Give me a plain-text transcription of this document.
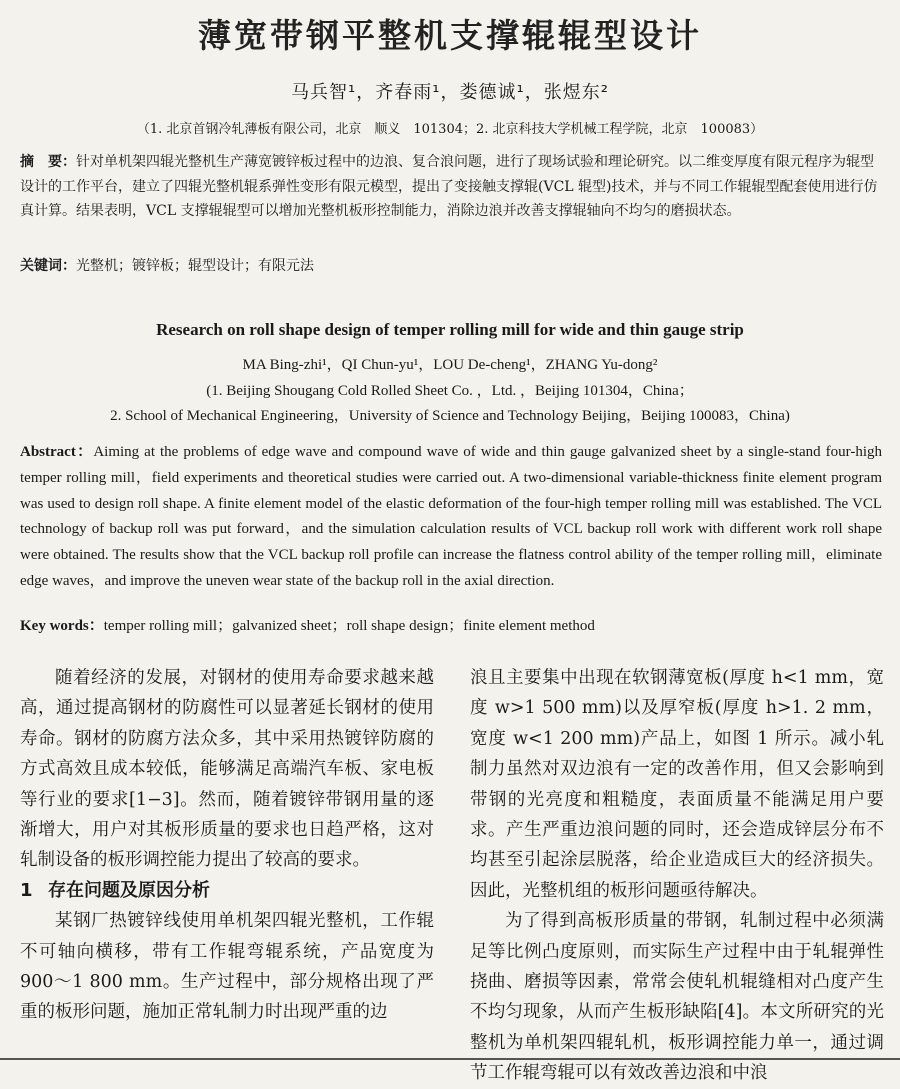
薄宽带钢平整机支撑辊辊型设计
马兵智¹，齐春雨¹，娄德诚¹，张煜东²
（1. 北京首钢冷轧薄板有限公司，北京　顺义　101304；2. 北京科技大学机械工程学院，北京　100083）
摘　要：针对单机架四辊光整机生产薄宽镀锌板过程中的边浪、复合浪问题，进行了现场试验和理论研究。以二维变厚度有限元程序为辊型设计的工作平台，建立了四辊光整机辊系弹性变形有限元模型，提出了变接触支撑辊(VCL 辊型)技术，并与不同工作辊辊型配套使用进行仿真计算。结果表明，VCL 支撑辊辊型可以增加光整机板形控制能力，消除边浪并改善支撑辊轴向不均匀的磨损状态。
关键词：光整机；镀锌板；辊型设计；有限元法
Research on roll shape design of temper rolling mill for wide and thin gauge strip
MA Bing-zhi¹，QI Chun-yu¹，LOU De-cheng¹，ZHANG Yu-dong²
(1. Beijing Shougang Cold Rolled Sheet Co. ，Ltd. ，Beijing 101304，China；
2. School of Mechanical Engineering，University of Science and Technology Beijing，Beijing 100083，China)
Abstract：Aiming at the problems of edge wave and compound wave of wide and thin gauge galvanized sheet by a single-stand four-high temper rolling mill，field experiments and theoretical studies were carried out. A two-dimensional variable-thickness finite element program was used to design roll shape. A finite element model of the elastic deformation of the four-high temper rolling mill was established. The VCL technology of backup roll was put forward，and the simulation calculation results of VCL backup roll work with different work roll shape were obtained. The results show that the VCL backup roll profile can increase the flatness control ability of the temper rolling mill，eliminate edge waves，and improve the uneven wear state of the backup roll in the axial direction.
Key words：temper rolling mill；galvanized sheet；roll shape design；finite element method

随着经济的发展，对钢材的使用寿命要求越来越高，通过提高钢材的防腐性可以显著延长钢材的使用寿命。钢材的防腐方法众多，其中采用热镀锌防腐的方式高效且成本较低，能够满足高端汽车板、家电板等行业的要求[1−3]。然而，随着镀锌带钢用量的逐渐增大，用户对其板形质量的要求也日趋严格，这对轧制设备的板形调控能力提出了较高的要求。

1 存在问题及原因分析

某钢厂热镀锌线使用单机架四辊光整机，工作辊不可轴向横移，带有工作辊弯辊系统，产品宽度为 900～1 800 mm。生产过程中，部分规格出现了严重的板形问题，施加正常轧制力时出现严重的边

浪且主要集中出现在软钢薄宽板(厚度 h<1 mm，宽度 w>1 500 mm)以及厚窄板(厚度 h>1. 2 mm，宽度 w<1 200 mm)产品上，如图 1 所示。减小轧制力虽然对双边浪有一定的改善作用，但又会影响到带钢的光亮度和粗糙度，表面质量不能满足用户要求。产生严重边浪问题的同时，还会造成锌层分布不均甚至引起涂层脱落，给企业造成巨大的经济损失。因此，光整机组的板形问题亟待解决。

为了得到高板形质量的带钢，轧制过程中必须满足等比例凸度原则，而实际生产过程中由于轧辊弹性挠曲、磨损等因素，常常会使轧机辊缝相对凸度产生不均匀现象，从而产生板形缺陷[4]。本文所研究的光整机为单机架四辊轧机，板形调控能力单一，通过调节工作辊弯辊可以有效改善边浪和中浪
